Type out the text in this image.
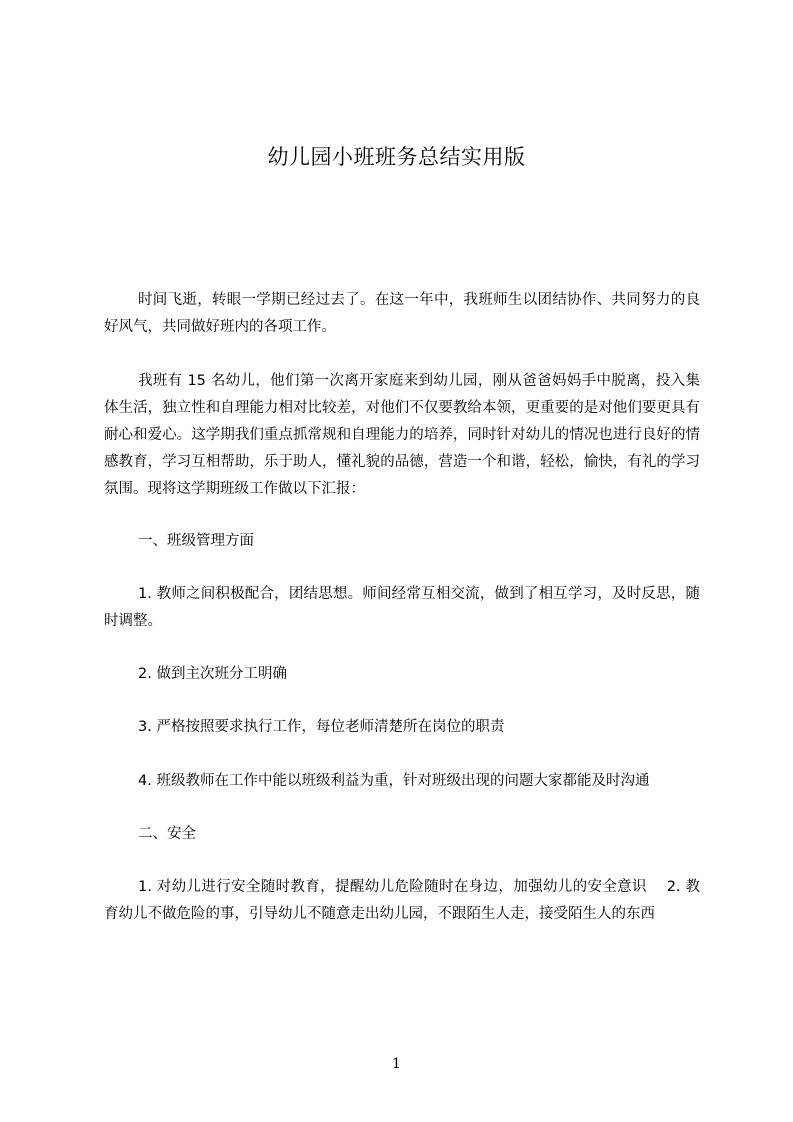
幼儿园小班班务总结实用版

时间飞逝，转眼一学期已经过去了。在这一年中，我班师生以团结协作、共同努力的良好风气，共同做好班内的各项工作。

我班有 15 名幼儿，他们第一次离开家庭来到幼儿园，刚从爸爸妈妈手中脱离，投入集体生活，独立性和自理能力相对比较差，对他们不仅要教给本领，更重要的是对他们要更具有耐心和爱心。这学期我们重点抓常规和自理能力的培养，同时针对幼儿的情况也进行良好的情感教育，学习互相帮助，乐于助人，懂礼貌的品德，营造一个和谐，轻松，愉快，有礼的学习氛围。现将这学期班级工作做以下汇报：

一、班级管理方面

1. 教师之间积极配合，团结思想。师间经常互相交流，做到了相互学习，及时反思，随时调整。

2. 做到主次班分工明确
3. 严格按照要求执行工作，每位老师清楚所在岗位的职责
4. 班级教师在工作中能以班级利益为重，针对班级出现的问题大家都能及时沟通
二、安全

1. 对幼儿进行安全随时教育，提醒幼儿危险随时在身边，加强幼儿的安全意识　 2. 教育幼儿不做危险的事，引导幼儿不随意走出幼儿园，不跟陌生人走，接受陌生人的东西

1
